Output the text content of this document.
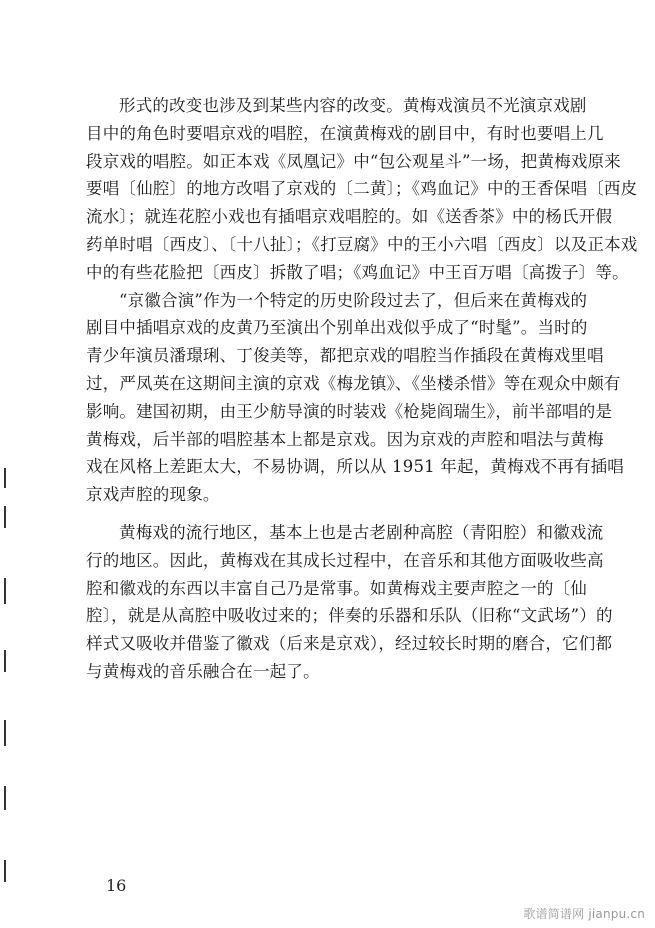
形式的改变也涉及到某些内容的改变。黄梅戏演员不光演京戏剧
目中的角色时要唱京戏的唱腔，在演黄梅戏的剧目中，有时也要唱上几
段京戏的唱腔。如正本戏《凤凰记》中“包公观星斗”一场，把黄梅戏原来
要唱〔仙腔〕的地方改唱了京戏的〔二黄〕；《鸡血记》中的王香保唱〔西皮
流水〕；就连花腔小戏也有插唱京戏唱腔的。如《送香茶》中的杨氏开假
药单时唱〔西皮〕、〔十八扯〕；《打豆腐》中的王小六唱〔西皮〕以及正本戏
中的有些花脸把〔西皮〕拆散了唱；《鸡血记》中王百万唱〔高拨子〕等。

“京徽合演”作为一个特定的历史阶段过去了，但后来在黄梅戏的
剧目中插唱京戏的皮黄乃至演出个别单出戏似乎成了“时髦”。当时的
青少年演员潘璟琍、丁俊美等，都把京戏的唱腔当作插段在黄梅戏里唱
过，严凤英在这期间主演的京戏《梅龙镇》、《坐楼杀惜》等在观众中颇有
影响。建国初期，由王少舫导演的时装戏《枪毙阎瑞生》，前半部唱的是
黄梅戏，后半部的唱腔基本上都是京戏。因为京戏的声腔和唱法与黄梅
戏在风格上差距太大，不易协调，所以从 1951 年起，黄梅戏不再有插唱
京戏声腔的现象。

黄梅戏的流行地区，基本上也是古老剧种高腔（青阳腔）和徽戏流
行的地区。因此，黄梅戏在其成长过程中，在音乐和其他方面吸收些高
腔和徽戏的东西以丰富自己乃是常事。如黄梅戏主要声腔之一的〔仙
腔〕，就是从高腔中吸收过来的；伴奏的乐器和乐队（旧称“文武场”）的
样式又吸收并借鉴了徽戏（后来是京戏），经过较长时期的磨合，它们都
与黄梅戏的音乐融合在一起了。

16
歌谱简谱网 jianpu.cn
